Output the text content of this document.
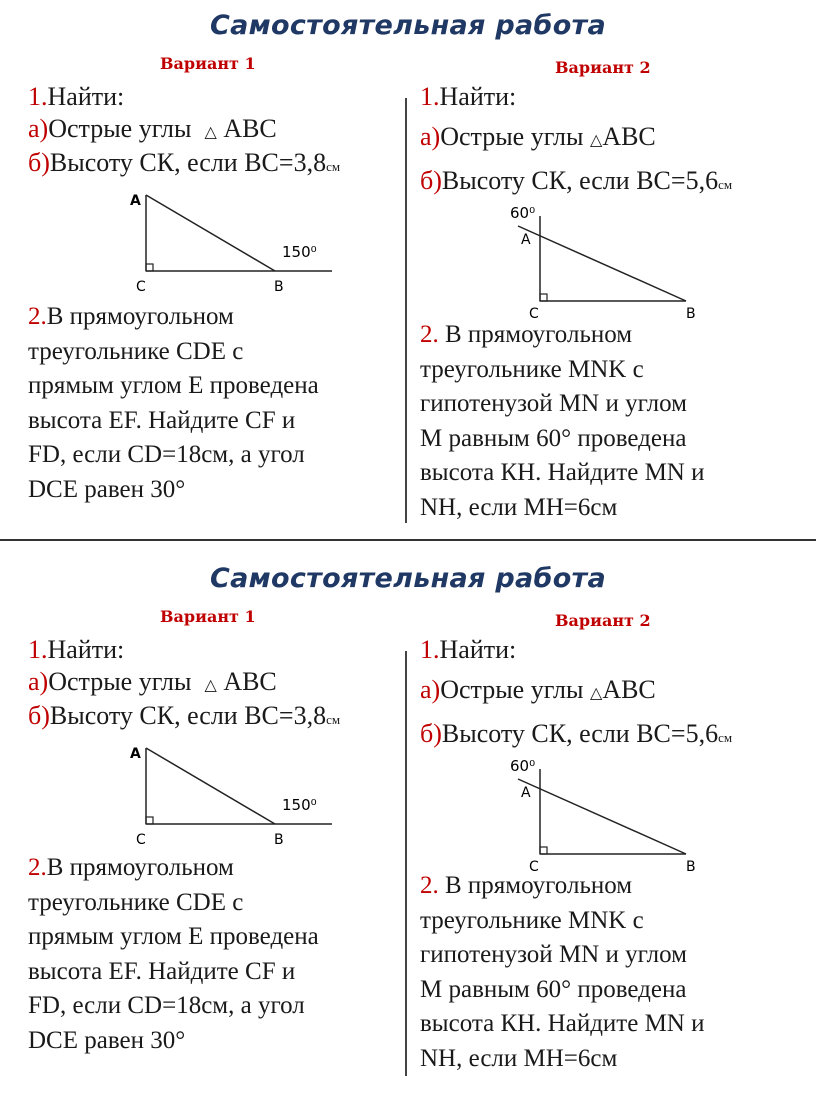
Самостоятельная работа
Вариант 1	Вариант 2
1.Найти:
а)Острые углы △ ABC
б)Высоту СК, если ВС=3,8см
A
C	B
150⁰
2.В прямоугольном
треугольнике CDE с
прямым углом Е проведена
высота EF. Найдите CF и
FD, если CD=18см, а угол
DCE равен 30°
1.Найти:
а)Острые углы △ABC
б)Высоту СК, если ВС=5,6см
60⁰
A
C	B
2. В прямоугольном
треугольнике MNK с
гипотенузой MN и углом
М равным 60° проведена
высота КН. Найдите MN и
NH, если МН=6см
Самостоятельная работа
Вариант 1	Вариант 2
1.Найти:
а)Острые углы △ ABC
б)Высоту СК, если ВС=3,8см
A
C	B
150⁰
2.В прямоугольном
треугольнике CDE с
прямым углом Е проведена
высота EF. Найдите CF и
FD, если CD=18см, а угол
DCE равен 30°
1.Найти:
а)Острые углы △ABC
б)Высоту СК, если ВС=5,6см
60⁰
A
C	B
2. В прямоугольном
треугольнике MNK с
гипотенузой MN и углом
М равным 60° проведена
высота КН. Найдите MN и
NH, если МН=6см
